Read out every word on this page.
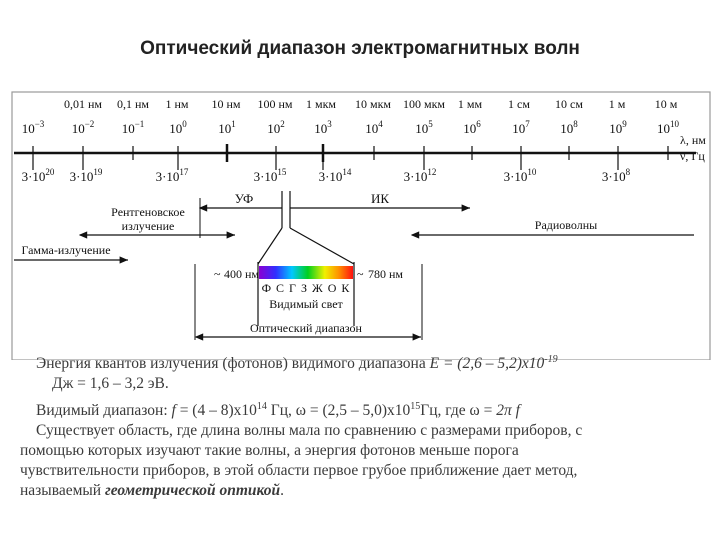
Оптический диапазон электромагнитных волн
0,01 нм 0,1 нм 1 нм 10 нм 100 нм 1 мкм 10 мкм 100 мкм 1 мм 1 см 10 см 1 м 10 м
$10^{-3}$ $10^{-2}$ $10^{-1}$ $10^0$ $10^1$ $10^2$ $10^3$	$10^4$	$10^5$ $10^6$ $10^7$ $10^8$ $10^9$ $10^{10}$
λ, нм
ν, Гц
$3\cdot 10^{20}$ $3\cdot 10^{19}$	$3\cdot 10^{17}$	$3\cdot 10^{15}$ $3\cdot 10^{14}$	$3\cdot 10^{12}$	$3\cdot 10^{10}$	$3\cdot 10^8$
УФ	ИК
Рентгеновское
излучение	Радиоволны
Гамма-излучение
~ 400 нм	~ 780 нм
Ф С Г З Ж О К
Видимый свет
Оптический диапазон

Энергия квантов излучения (фотонов) видимого диапазона $E = (2,6 - 5,2)х10^{-19}$

Дж = 1,6 – 3,2 эВ.

Видимый диапазон: $f = (4 - 8)х10^{14}$ Гц, $\omega = (2,5 - 5,0)х10^{15}Гц$, где ω = 2π f

Существует область, где длина волны мала по сравнению с размерами приборов, с

помощью которых изучают такие волны, а энергия фотонов меньше порога

чувствительности приборов, в этой области первое грубое приближение дает метод,

называемый геометрической оптикой.
